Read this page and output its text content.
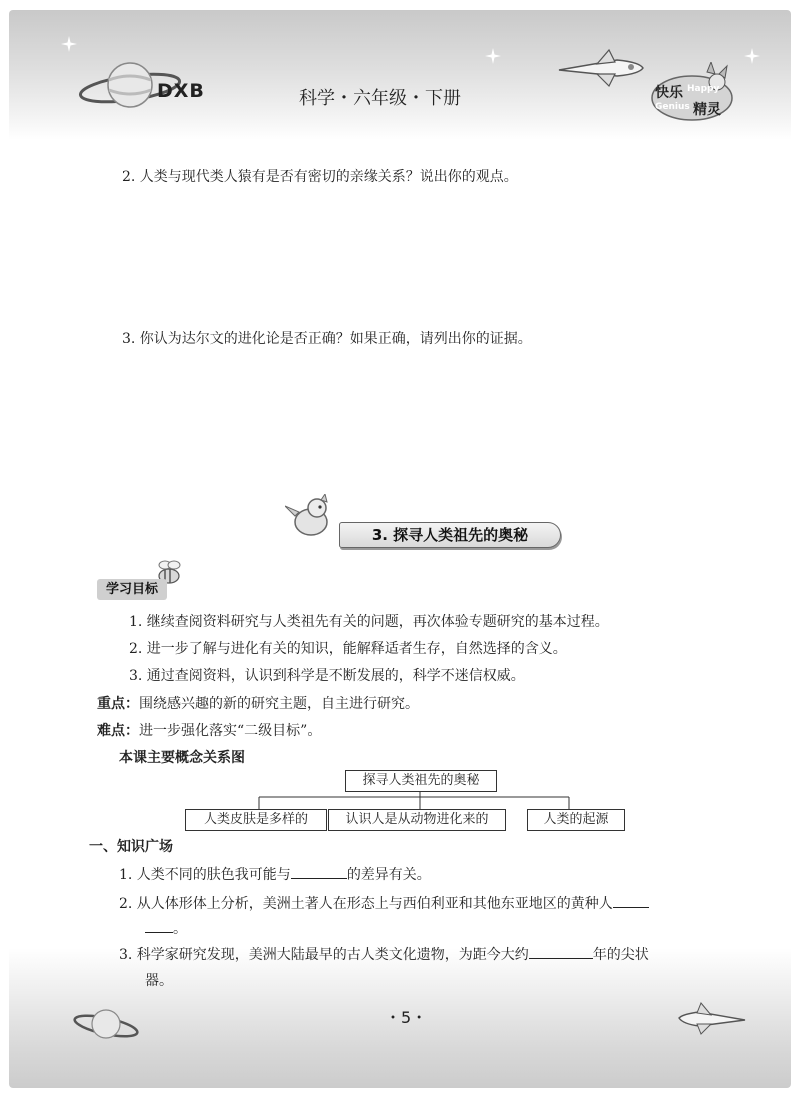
DXB	科学・六年级・下册	快乐 Happy
Genius 精灵
2. 人类与现代类人猿有是否有密切的亲缘关系？说出你的观点。
3. 你认为达尔文的进化论是否正确？如果正确，请列出你的证据。
3. 探寻人类祖先的奥秘
学习目标
1. 继续查阅资料研究与人类祖先有关的问题，再次体验专题研究的基本过程。
2. 进一步了解与进化有关的知识，能解释适者生存，自然选择的含义。
3. 通过查阅资料，认识到科学是不断发展的，科学不迷信权威。
重点：围绕感兴趣的新的研究主题，自主进行研究。
难点：进一步强化落实“二级目标”。
本课主要概念关系图
探寻人类祖先的奥秘
人类皮肤是多样的	认识人是从动物进化来的	人类的起源
一、知识广场
1. 人类不同的肤色我可能与	的差异有关。
2. 从人体形体上分析，美洲土著人在形态上与西伯利亚和其他东亚地区的黄种人
。
3. 科学家研究发现，美洲大陆最早的古人类文化遗物，为距今大约	年的尖状
器。
・5・
